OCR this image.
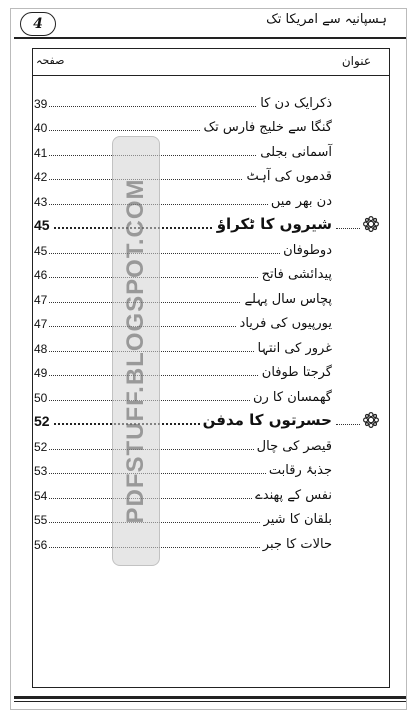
4	ہسپانیہ سے امریکا تک
عنوان
صفحہ
39	ذکرایک دن کا
40	گنگا سے خلیج فارس تک
41	آسمانی بجلی
42	قدموں کی آہٹ
43	دن بھر میں
45	شیروں کا ٹکراؤ
45	دوطوفان
46	پیدائشی فاتح
47	پچاس سال پہلے
47	یورپیوں کی فریاد
48	غرور کی انتہا
49	گرجتا طوفان
50	گھمسان کا رن
52	حسرتوں کا مدفن
52	قیصر کی چال
53	جذبۂ رقابت
54	نفس کے پھندے
55	بلقان کا شیر
56	حالات کا جبر
PDFSTUFF.BLOGSPOT.COM
